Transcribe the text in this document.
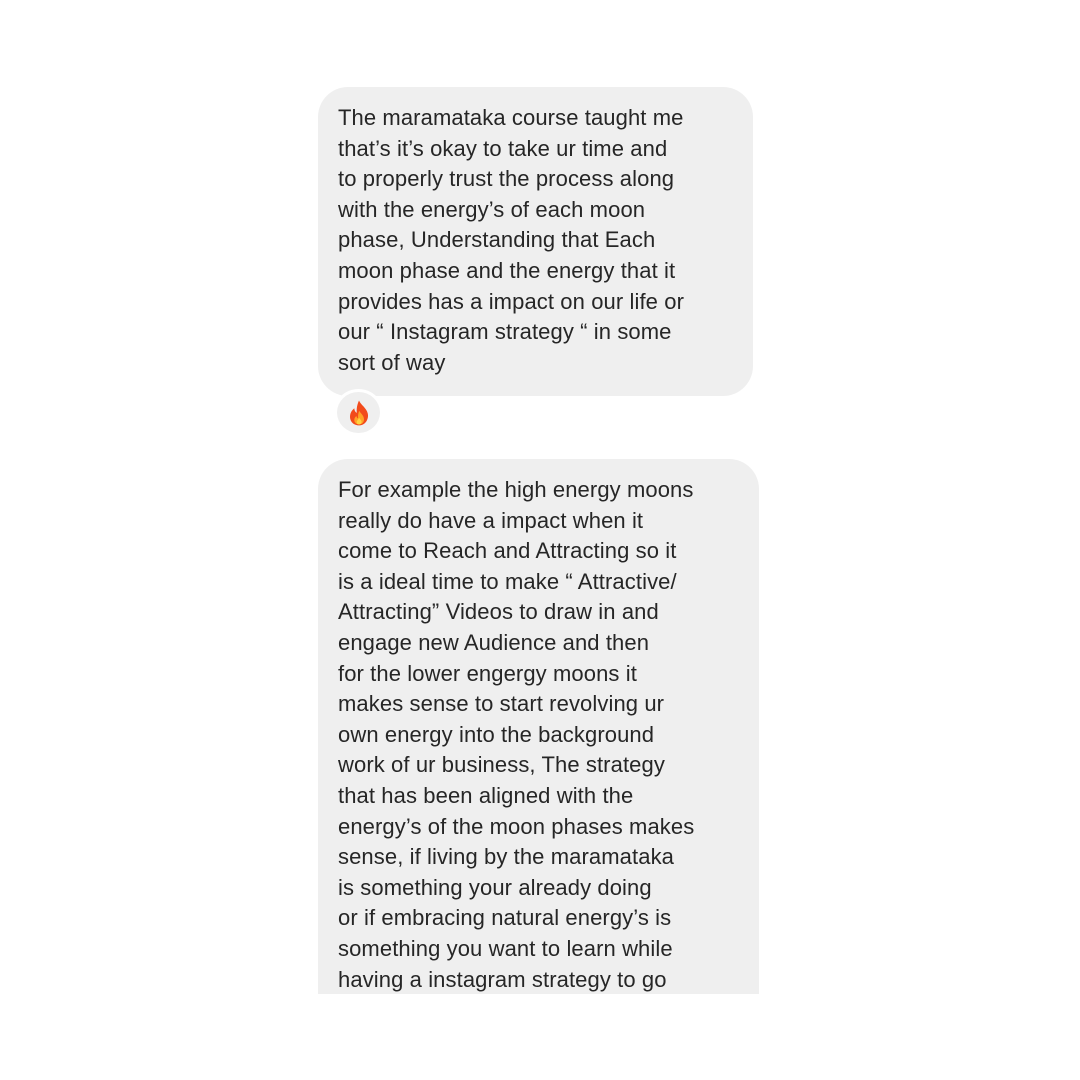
The maramataka course taught me
that’s it’s okay to take ur time and
to properly trust the process along
with the energy’s of each moon
phase, Understanding that Each
moon phase and the energy that it
provides has a impact on our life or
our “ Instagram strategy “ in some
sort of way
For example the high energy moons
really do have a impact when it
come to Reach and Attracting so it
is a ideal time to make “ Attractive/
Attracting” Videos to draw in and
engage new Audience and then
for the lower engergy moons it
makes sense to start revolving ur
own energy into the background
work of ur business, The strategy
that has been aligned with the
energy’s of the moon phases makes
sense, if living by the maramataka
is something your already doing
or if embracing natural energy’s is
something you want to learn while
having a instagram strategy to go
